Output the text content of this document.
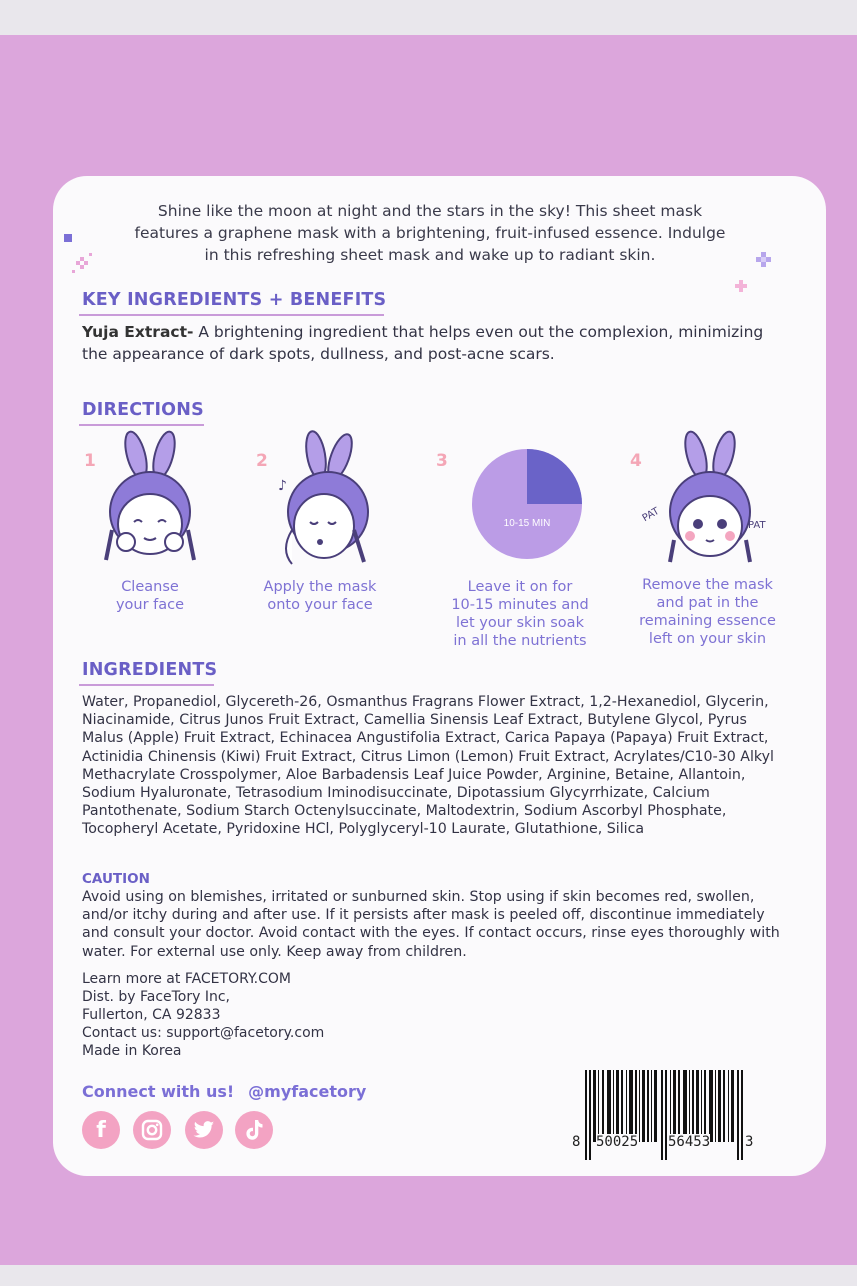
Shine like the moon at night and the stars in the sky! This sheet mask
features a graphene mask with a brightening, fruit-infused essence. Indulge
in this refreshing sheet mask and wake up to radiant skin.
KEY INGREDIENTS + BENEFITS
Yuja Extract- A brightening ingredient that helps even out the complexion, minimizing the appearance of dark spots, dullness, and post-acne scars.
DIRECTIONS
1
Cleanse
your face
2
♪
Apply the mask
onto your face
3
10-15 MIN
Leave it on for
10-15 minutes and
let your skin soak
in all the nutrients
4
PAT
PAT
Remove the mask
and pat in the
remaining essence
left on your skin
INGREDIENTS
Water, Propanediol, Glycereth-26, Osmanthus Fragrans Flower Extract, 1,2-Hexanediol, Glycerin, Niacinamide, Citrus Junos Fruit Extract, Camellia Sinensis Leaf Extract, Butylene Glycol, Pyrus Malus (Apple) Fruit Extract, Echinacea Angustifolia Extract, Carica Papaya (Papaya) Fruit Extract, Actinidia Chinensis (Kiwi) Fruit Extract, Citrus Limon (Lemon) Fruit Extract, Acrylates/C10-30 Alkyl Methacrylate Crosspolymer, Aloe Barbadensis Leaf Juice Powder, Arginine, Betaine, Allantoin, Sodium Hyaluronate, Tetrasodium Iminodisuccinate, Dipotassium Glycyrrhizate, Calcium Pantothenate, Sodium Starch Octenylsuccinate, Maltodextrin, Sodium Ascorbyl Phosphate, Tocopheryl Acetate, Pyridoxine HCl, Polyglyceryl-10 Laurate, Glutathione, Silica
CAUTION
Avoid using on blemishes, irritated or sunburned skin. Stop using if skin becomes red, swollen, and/or itchy during and after use. If it persists after mask is peeled off, discontinue immediately and consult your doctor. Avoid contact with the eyes. If contact occurs, rinse eyes thoroughly with water. For external use only. Keep away from children.
Learn more at FACETORY.COM
Dist. by FaceTory Inc,
Fullerton, CA 92833
Contact us: support@facetory.com
Made in Korea
Connect with us! @myfacetory
f	8 50025 56453 3
